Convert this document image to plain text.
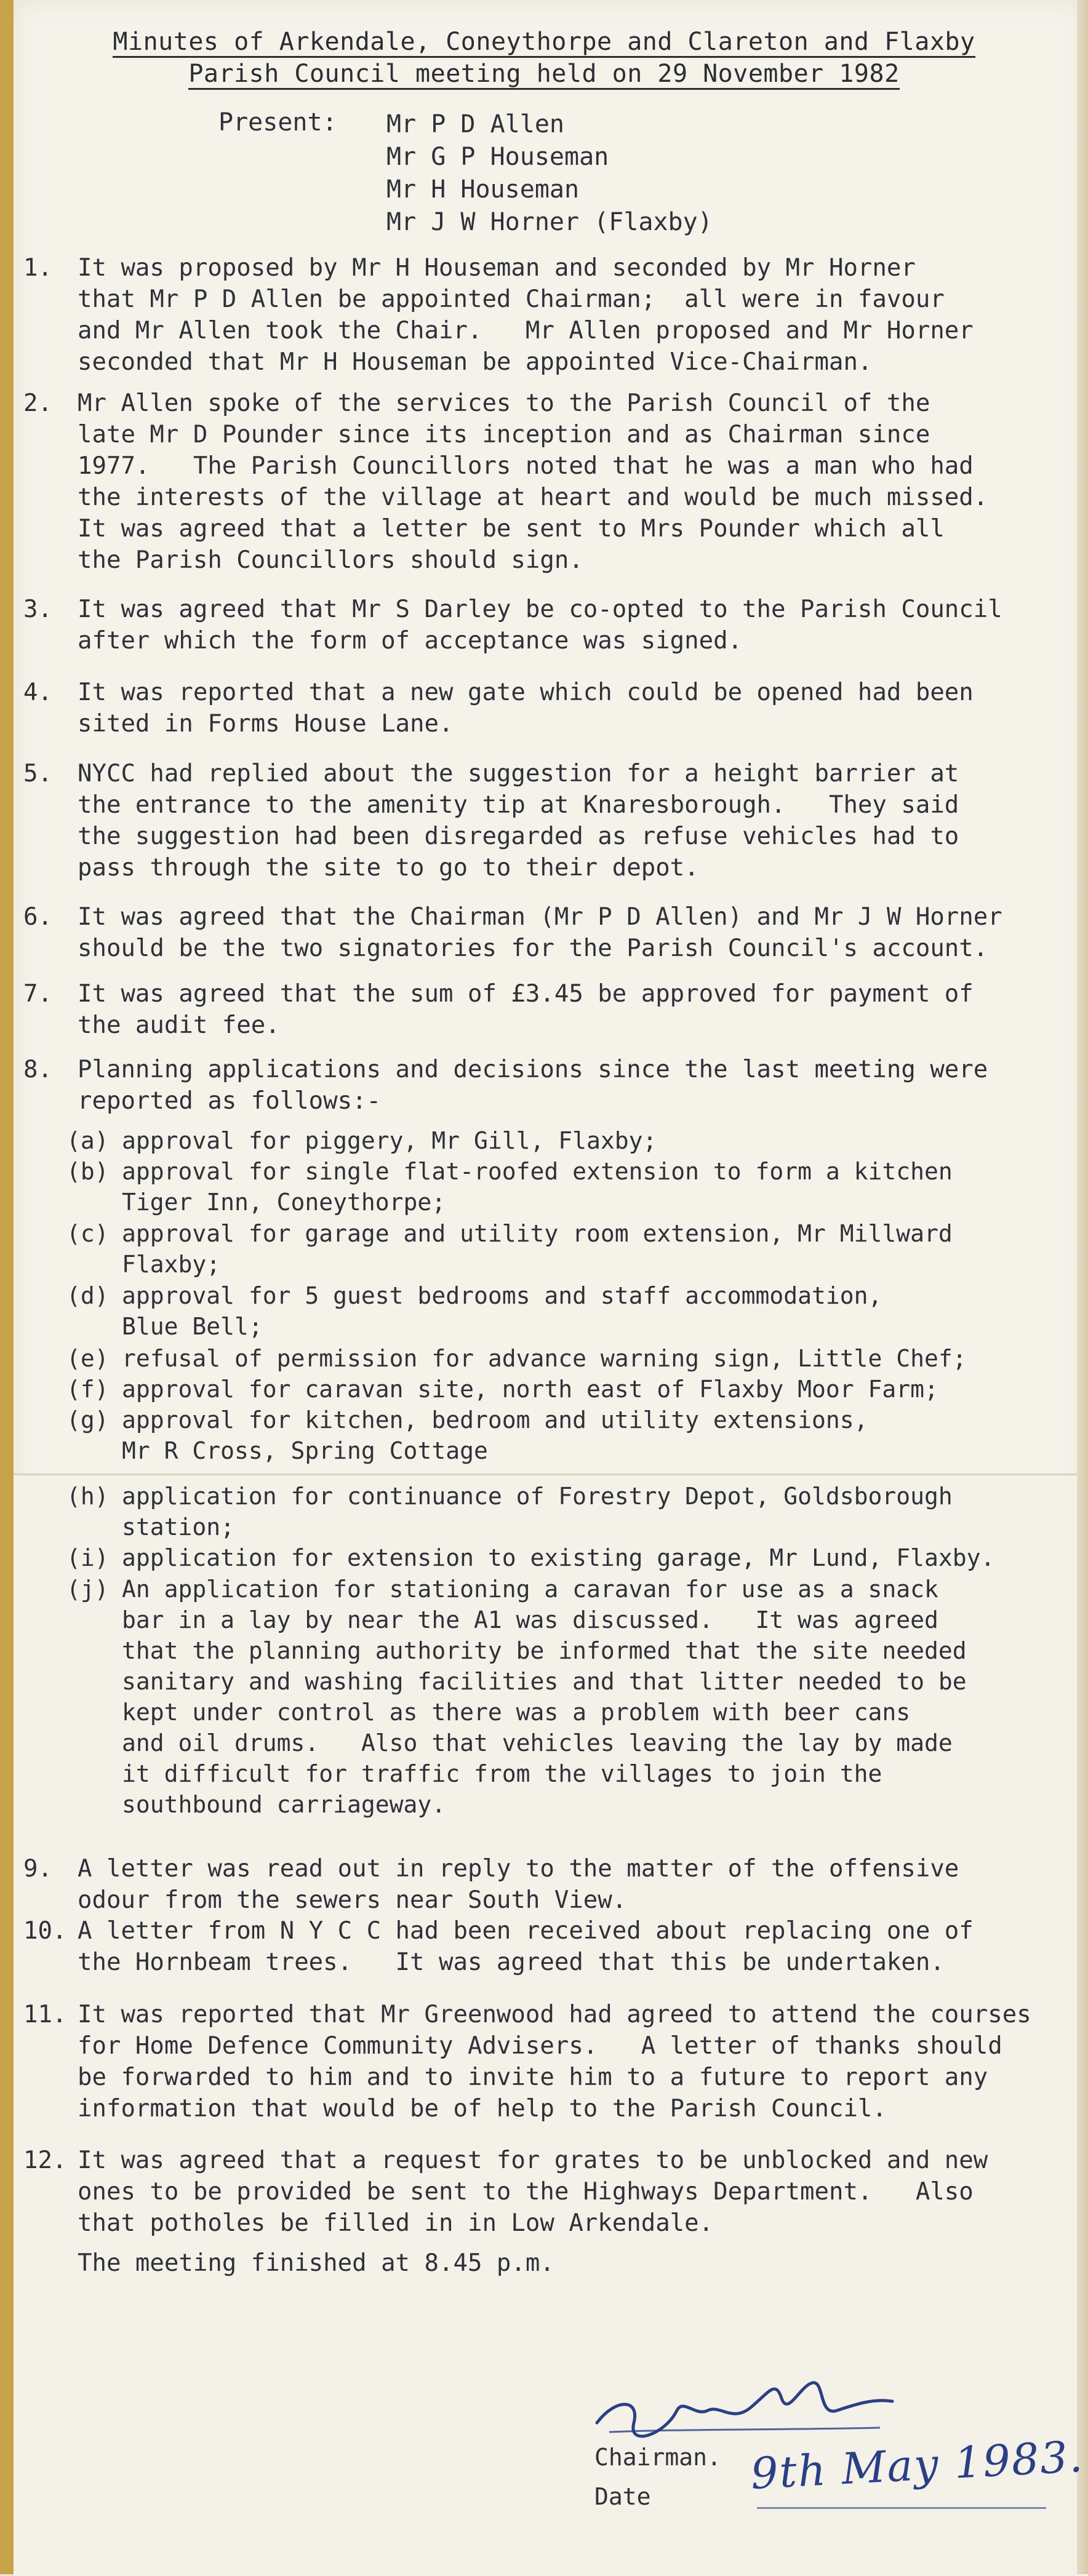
Minutes of Arkendale, Coneythorpe and Clareton and Flaxby
Parish Council meeting held on 29 November 1982
Present: Mr P D Allen
Mr G P Houseman
Mr H Houseman
Mr J W Horner (Flaxby)
1. It was proposed by Mr H Houseman and seconded by Mr Horner
that Mr P D Allen be appointed Chairman;  all were in favour
and Mr Allen took the Chair.   Mr Allen proposed and Mr Horner
seconded that Mr H Houseman be appointed Vice-Chairman.
2. Mr Allen spoke of the services to the Parish Council of the
late Mr D Pounder since its inception and as Chairman since
1977.   The Parish Councillors noted that he was a man who had
the interests of the village at heart and would be much missed.
It was agreed that a letter be sent to Mrs Pounder which all
the Parish Councillors should sign.
3. It was agreed that Mr S Darley be co-opted to the Parish Council
after which the form of acceptance was signed.
4. It was reported that a new gate which could be opened had been
sited in Forms House Lane.
5. NYCC had replied about the suggestion for a height barrier at
the entrance to the amenity tip at Knaresborough.   They said
the suggestion had been disregarded as refuse vehicles had to
pass through the site to go to their depot.
6. It was agreed that the Chairman (Mr P D Allen) and Mr J W Horner
should be the two signatories for the Parish Council's account.
7. It was agreed that the sum of £3.45 be approved for payment of
the audit fee.
8. Planning applications and decisions since the last meeting were
reported as follows:-
(a) approval for piggery, Mr Gill, Flaxby;
(b) approval for single flat-roofed extension to form a kitchen
Tiger Inn, Coneythorpe;
(c) approval for garage and utility room extension, Mr Millward
Flaxby;
(d) approval for 5 guest bedrooms and staff accommodation,
Blue Bell;
(e) refusal of permission for advance warning sign, Little Chef;
(f) approval for caravan site, north east of Flaxby Moor Farm;
(g) approval for kitchen, bedroom and utility extensions,
Mr R Cross, Spring Cottage
(h) application for continuance of Forestry Depot, Goldsborough
station;
(i) application for extension to existing garage, Mr Lund, Flaxby.
(j) An application for stationing a caravan for use as a snack
bar in a lay by near the A1 was discussed.   It was agreed
that the planning authority be informed that the site needed
sanitary and washing facilities and that litter needed to be
kept under control as there was a problem with beer cans
and oil drums.   Also that vehicles leaving the lay by made
it difficult for traffic from the villages to join the
southbound carriageway.
9. A letter was read out in reply to the matter of the offensive
odour from the sewers near South View.
10. A letter from N Y C C had been received about replacing one of
the Hornbeam trees.   It was agreed that this be undertaken.
11. It was reported that Mr Greenwood had agreed to attend the courses
for Home Defence Community Advisers.   A letter of thanks should
be forwarded to him and to invite him to a future to report any
information that would be of help to the Parish Council.
12. It was agreed that a request for grates to be unblocked and new
ones to be provided be sent to the Highways Department.   Also
that potholes be filled in in Low Arkendale.
The meeting finished at 8.45 p.m.
Chairman.
Date 9th May 1983.
